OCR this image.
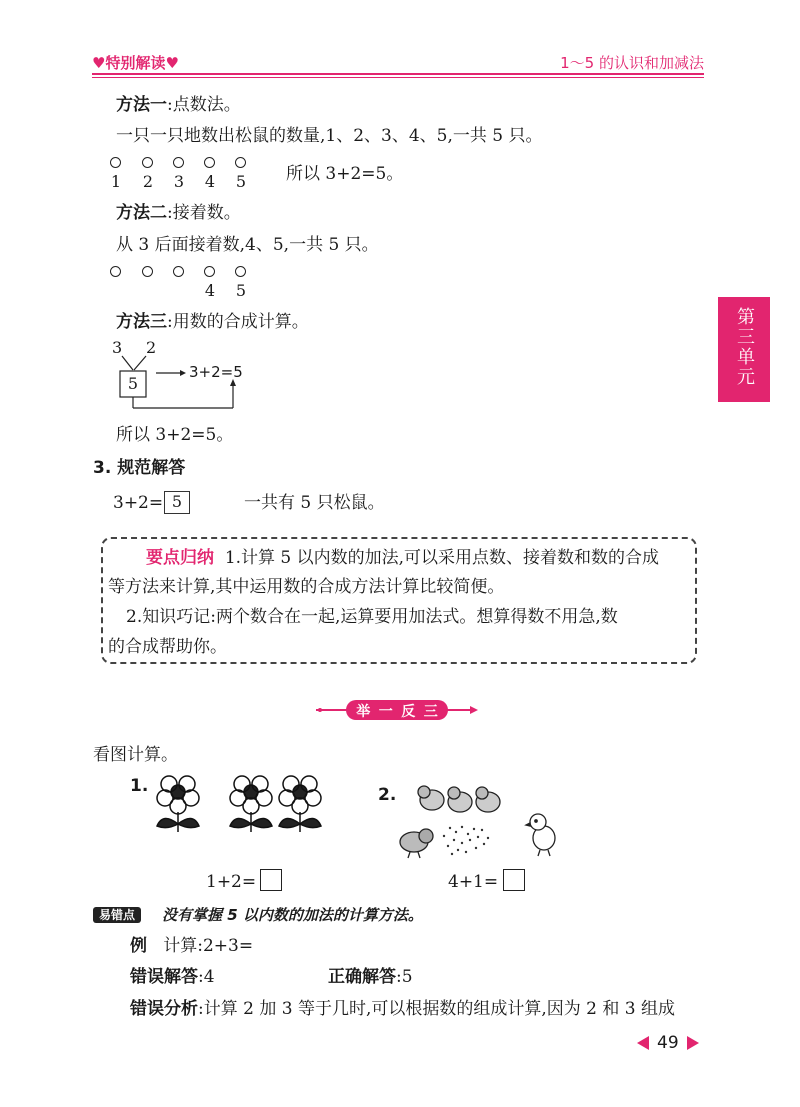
♥特别解读♥	1～5 的认识和加减法
第三单元
方法一:点数法。
一只一只地数出松鼠的数量,1、2、3、4、5,一共 5 只。
1	2	3	4	5 所以 3+2=5。
方法二:接着数。
从 3 后面接着数,4、5,一共 5 只。
4	5
方法三:用数的合成计算。
3 2
5
3+2=5
所以 3+2=5。
3. 规范解答
3+2= 5	一共有 5 只松鼠。
要点归纳 1.计算 5 以内数的加法,可以采用点数、接着数和数的合成
等方法来计算,其中运用数的合成方法计算比较简便。
2.知识巧记:两个数合在一起,运算要用加法式。想算得数不用急,数
的合成帮助你。
举 一 反 三
看图计算。
1.
1+2=
2.
4+1=
易错点	没有掌握 5 以内数的加法的计算方法。
例 计算:2+3=
错误解答:4	正确解答:5
错误分析:计算 2 加 3 等于几时,可以根据数的组成计算,因为 2 和 3 组成
49
